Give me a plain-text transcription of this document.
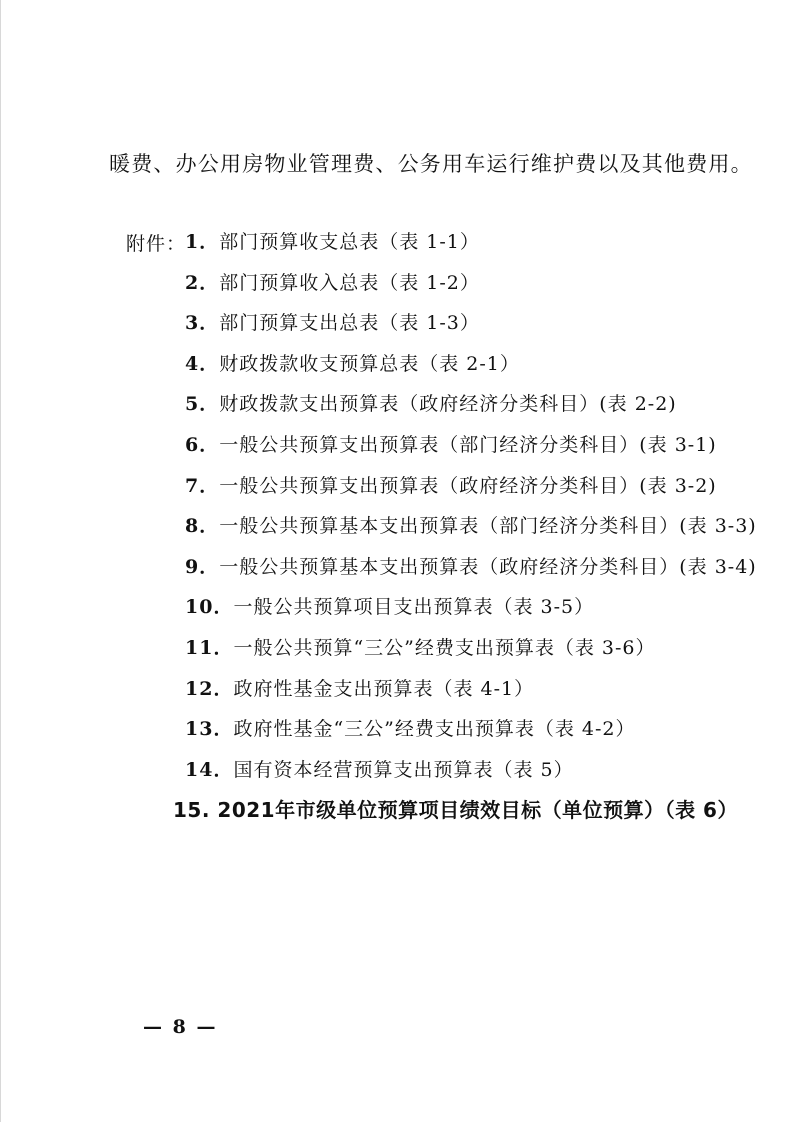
暖费、办公用房物业管理费、公务用车运行维护费以及其他费用。
附件：
1．部门预算收支总表（表 1-1）
2．部门预算收入总表（表 1-2）
3．部门预算支出总表（表 1-3）
4．财政拨款收支预算总表（表 2-1）
5．财政拨款支出预算表（政府经济分类科目）(表 2-2)
6．一般公共预算支出预算表（部门经济分类科目）(表 3-1)
7．一般公共预算支出预算表（政府经济分类科目）(表 3-2)
8．一般公共预算基本支出预算表（部门经济分类科目）(表 3-3)
9．一般公共预算基本支出预算表（政府经济分类科目）(表 3-4)
10．一般公共预算项目支出预算表（表 3-5）
11．一般公共预算“三公”经费支出预算表（表 3-6）
12．政府性基金支出预算表（表 4-1）
13．政府性基金“三公”经费支出预算表（表 4-2）
14．国有资本经营预算支出预算表（表 5）
15. 2021年市级单位预算项目绩效目标（单位预算）（表 6）
— 8 —
